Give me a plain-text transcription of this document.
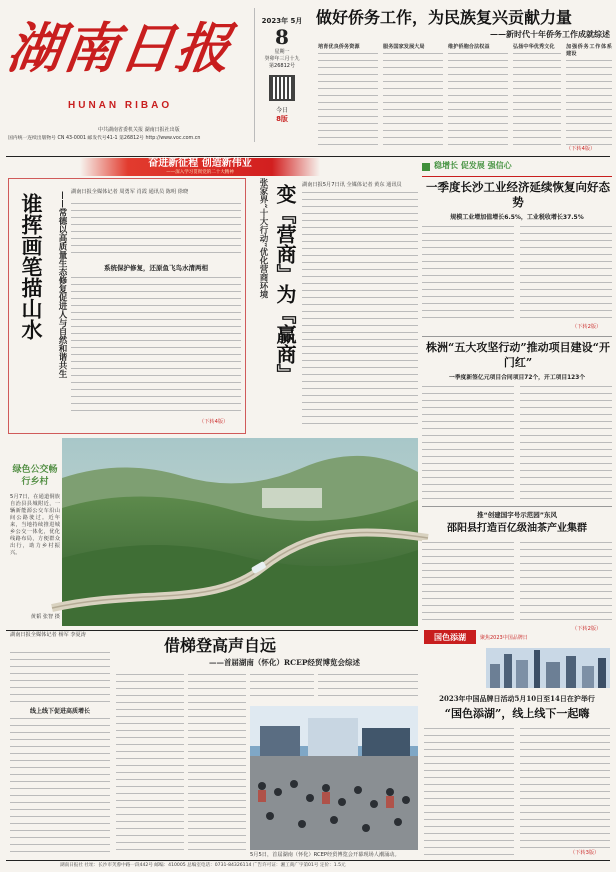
湖南日报
HUNAN RIBAO
中共湖南省委机关报 湖南日报社出版
国内统一连续出版物号 CN 43-0001 邮发代号41-1 第26812号 http://www.voc.com.cn
2023年 5月
8
星期一
癸卯年三月十九
第26812号
今日
8版
做好侨务工作，为民族复兴贡献力量
——新时代十年侨务工作成就综述
培育优良侨务资源	服务国家发展大局	维护侨胞合法权益	弘扬中华优秀文化	加强侨务工作体系建设
（下转4版）
奋进新征程 创造新伟业
——深入学习贯彻党的二十大精神
谁挥画笔描山水	——常德以高质量生态修复促进人与自然和谐共生 湖南日报全媒体记者 周勇军 肖霞 通讯员 陈明 徐晓
系统保护修复，还原鱼飞鸟水清两相
（下转4版）
张家界“十大行动”优化营商环境 变『营商』为『赢商』 湖南日报5月7日讯 全媒体记者 黄东 通讯员
绿色公交畅行乡村
5月7日，在通道侗族自治县县城附近，一辆新能源公交车沿山间公路驶过。近年来，当地持续推进城乡公交一体化，优化线路布局，方便群众出行，助力乡村振兴。
黄韬 张智 摄
稳增长 促发展 强信心
一季度长沙工业经济延续恢复向好态势
规模工业增加值增长6.5%，工业税收增长37.5%
（下转2版）
株洲“五大攻坚行动”推动项目建设“开门红”
一季度新签亿元项目合同项目72个，开工项目123个
推“创建国字号示范园”东风
邵阳县打造百亿级油茶产业集群
（下转2版）
湖南日报全媒体记者 杨军 李夏涛
借梯登高声自远
——首届湖南（怀化）RCEP经贸博览会综述
线上线下促进高质增长
5月5日，首届湖南（怀化）RCEP经贸博览会开幕现场人潮涌动。
国色添湖	聚焦2023中国品牌日
2023年中国品牌日活动5月10日至14日在沪举行
“国色添湖”，线上线下一起嗨
（下转3版）
湖南日报社 社址：长沙市芙蓉中路一段442号 邮编：410005 总编室电话：0731-84326114 广告许可证：湘工商广字第01号 定价：1.5元
